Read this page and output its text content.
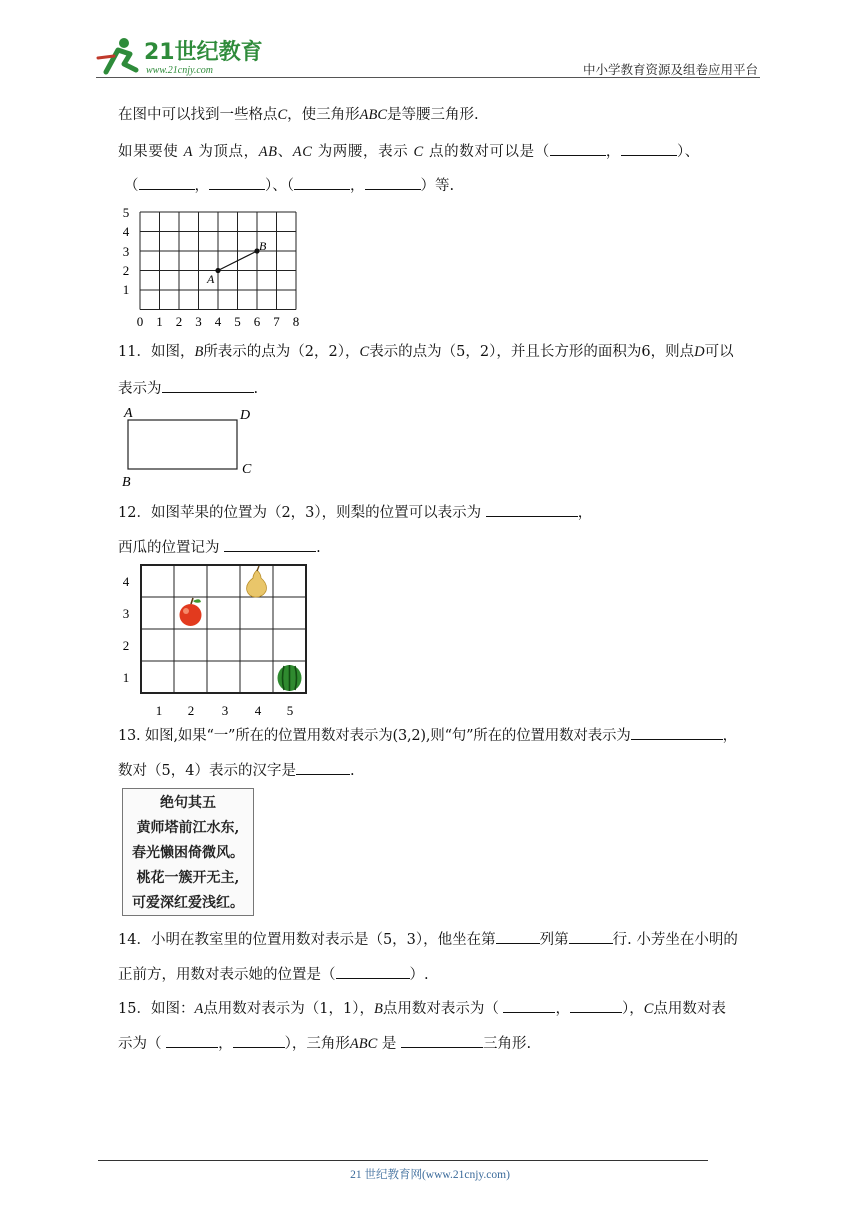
21世纪教育
www.21cnjy.com	中小学教育资源及组卷应用平台
在图中可以找到一些格点C，使三角形ABC是等腰三角形.
如果要使 A 为顶点，AB、AC 为两腰，表示 C 点的数对可以是（	，	）、
（	，	）、（	，	）等.
A
B
5
4
3
2
1
0 1 2 3 4 5 6 7 8
11．如图，B所表示的点为（2，2），C表示的点为（5，2），并且长方形的面积为6，则点D可以
表示为	.
A	D
B
C
12．如图苹果的位置为（2，3），则梨的位置可以表示为	，
西瓜的位置记为	.
4
3
2
1
1 2 3 4 5
13. 如图,如果“一”所在的位置用数对表示为(3,2),则“句”所在的位置用数对表示为	，
数对（5，4）表示的汉字是	.
绝句其五
黄师塔前江水东,
春光懒困倚微风。
桃花一簇开无主,
可爱深红爱浅红。
14．小明在教室里的位置用数对表示是（5，3），他坐在第	列第	行. 小芳坐在小明的
正前方，用数对表示她的位置是（	）.
15．如图：A点用数对表示为（1，1），B点用数对表示为（	，	），C点用数对表
示为（	，	），三角形ABC 是	三角形.
21 世纪教育网(www.21cnjy.com)
